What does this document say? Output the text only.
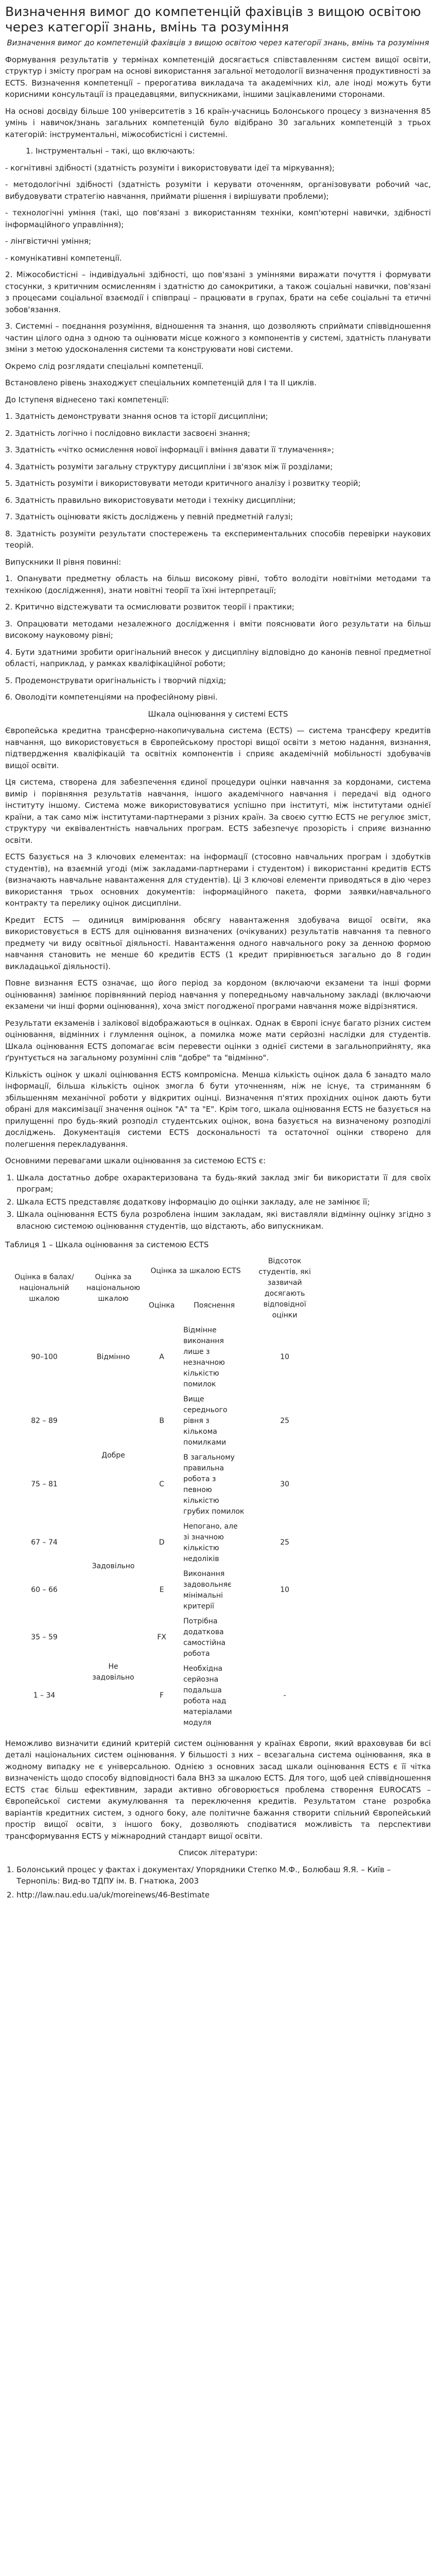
Визначення вимог до компетенцій фахівців з вищою освітою через категорії знань, вмінь та розуміння

Визначення вимог до компетенцій фахівців з вищою освітою через категорії знань, вмінь та розуміння

Формування результатів у термінах компетенцій досягається співставленням систем вищої освіти, структур і змісту програм на основі використання загальної методології визначення продуктивності за ECTS. Визначення компетенції – прерогатива викладача та академічних кіл, але іноді можуть бути корисними консультації із працедавцями, випускниками, іншими зацікавленими сторонами.

На основі досвіду більше 100 університетів з 16 країн-учасниць Болонського процесу з визначення 85 умінь і навичок/знань загальних компетенцій було відібрано 30 загальних компетенцій з трьох категорій: інструментальні, міжособистісні і системні.

1. Інструментальні – такі, що включають:

- когнітивні здібності (здатність розуміти і використовувати ідеї та міркування);

- методологічні здібності (здатність розуміти і керувати оточенням, організовувати робочий час, вибудовувати стратегію навчання, приймати рішення і вирішувати проблеми);

- технологічні уміння (такі, що пов'язані з використанням техніки, комп'ютерні навички, здібності інформаційного управління);

- лінгвістичні уміння;

- комунікативні компетенції.

2. Міжособистісні – індивідуальні здібності, що пов'язані з уміннями виражати почуття і формувати стосунки, з критичним осмисленням і здатністю до самокритики, а також соціальні навички, пов'язані з процесами соціальної взаємодії і співпраці – працювати в групах, брати на себе соціальні та етичні зобов'язання.

3. Системні – поєднання розуміння, відношення та знання, що дозволяють сприймати співвідношення частин цілого одна з одною та оцінювати місце кожного з компонентів у системі, здатність планувати зміни з метою удосконалення системи та конструювати нові системи.

Окремо слід розглядати спеціальні компетенції.

Встановлено рівень знаходжуєт спеціальних компетенцій для І та ІІ циклів.

До Іступеня віднесено такі компетенції:

1. Здатність демонструвати знання основ та історії дисципліни;

2. Здатність логічно і послідовно викласти засвоєні знання;

3. Здатність «чітко осмислення нової інформації і вміння давати її тлумачення»;

4. Здатність розуміти загальну структуру дисципліни і зв'язок між її розділами;

5. Здатність розуміти і використовувати методи критичного аналізу і розвитку теорій;

6. Здатність правильно використовувати методи і техніку дисципліни;

7. Здатність оцінювати якість досліджень у певній предметній галузі;

8. Здатність розуміти результати спостережень та експериментальних способів перевірки наукових теорій.

Випускники ІІ рівня повинні:

1. Опанувати предметну область на більш високому рівні, тобто володіти новітніми методами та технікою (дослідження), знати новітні теорії та їхні інтерпретації;

2. Критично відстежувати та осмислювати розвиток теорії і практики;

3. Опрацювати методами незалежного дослідження і вміти пояснювати його результати на більш високому науковому рівні;

4. Бути здатними зробити оригінальний внесок у дисципліну відповідно до канонів певної предметної області, наприклад, у рамках кваліфікаційної роботи;

5. Продемонструвати оригінальність і творчий підхід;

6. Оволодіти компетенціями на професійному рівні.

Шкала оцінювання у системі ECTS

Європейська кредитна трансферно-накопичувальна система (ECTS) — система трансферу кредитів навчання, що використовується в Європейському просторі вищої освіти з метою надання, визнання, підтвердження кваліфікацій та освітніх компонентів і сприяє академічній мобільності здобувачів вищої освіти.

Ця система, створена для забезпечення єдиної процедури оцінки навчання за кордонами, система вимір і порівняння результатів навчання, іншого академічного навчання і передачі від одного інституту іншому. Система може використовуватися успішно при інституті, між інститутами однієї країни, а так само між інститутами-партнерами з різних країн. За своєю суттю ECTS не регулює зміст, структуру чи еквівалентність навчальних програм. ECTS забезпечує прозорість і сприяє визнанню освіти.

ECTS базується на 3 ключових елементах: на інформації (стосовно навчальних програм і здобутків студентів), на взаємній угоді (між закладами-партнерами і студентом) і використанні кредитів ECTS (визначають навчальне навантаження для студентів). Ці 3 ключові елементи приводяться в дію через використання трьох основних документів: інформаційного пакета, форми заявки/навчального контракту та перелику оцінок дисципліни.

Кредит ECTS — одиниця вимірювання обсягу навантаження здобувача вищої освіти, яка використовується в ECTS для оцінювання визначених (очікуваних) результатів навчання та певного предмету чи виду освітньої діяльності. Навантаження одного навчального року за денною формою навчання становить не менше 60 кредитів ECTS (1 кредит прирівнюється загально до 8 годин викладацької діяльності).

Повне визнання ECTS означає, що його період за кордоном (включаючи екзамени та інші форми оцінювання) замінює порівнянний період навчання у попередньому навчальному закладі (включаючи екзамени чи інші форми оцінювання), хоча зміст погодженої програми навчання може відрізнятися.

Результати екзаменів і залікової відображаються в оцінках. Однак в Європі існує багато різних систем оцінювання, відмінних і глумлення оцінок, а помилка може мати серйозні наслідки для студентів. Шкала оцінювання ECTS допомагає всім перевести оцінки з однієї системи в загальноприйняту, яка ґрунтується на загальному розумінні слів "добре" та "відмінно".

Кількість оцінок у шкалі оцінювання ECTS компромісна. Менша кількість оцінок дала б занадто мало інформації, більша кількість оцінок змогла б бути уточненням, ніж не існує, та стриманням б збільшенням механічної роботи у відкритих оцінці. Визначення п'ятих прохідних оцінок дають бути обрані для максимізації значення оцінок "А" та "Е". Крім того, шкала оцінювання ECTS не базується на прилущенні про будь-який розподіл студентських оцінок, вона базується на визначеному розподілі досліджень. Документація системи ECTS доскональності та остаточної оцінки створено для полегшення перекладування.

Основними перевагами шкали оцінювання за системою ECTS є:

1. Шкала достатньо добре охарактеризована та будь-який заклад зміг би використати її для своїх програм;
2. Шкала ECTS представляє додаткову інформацію до оцінки закладу, але не замінює її;
3. Шкала оцінювання ECTS була розроблена іншим закладам, які виставляли відмінну оцінку згідно з власною системою оцінювання студентів, що відстають, або випускникам.

Таблиця 1 – Шкала оцінювання за системою ECTS

Оцінка в балах/національній шкалою	Оцінка за національною шкалою	Оцінка за шкалою ECTS		Відсоток студентів, які зазвичай досягають відповідної оцінки
		Оцінка	Пояснення	
90–100	Відмінно	A	Відмінне виконання лише з незначною кількістю помилок	10
82 – 89	Добре	B	Вище середнього рівня з кількома помилками	25
75 – 81		C	В загальному правильна робота з певною кількістю грубих помилок	30
67 – 74	Задовільно	D	Непогано, але зі значною кількістю недоліків	25
60 – 66		E	Виконання задовольняє мінімальні критерії	10
35 – 59	Не задовільно	FX	Потрібна додаткова самостійна робота	
1 – 34		F	Необхідна серйозна подальша робота над матеріалами модуля	-

Неможливо визначити єдиний критерій систем оцінювання у країнах Європи, який враховував би всі деталі національних систем оцінювання. У більшості з них – всезагальна система оцінювання, яка в жодному випадку не є універсальною. Однією з основних засад шкали оцінювання ECTS є її чітка визначеність щодо способу відповідності бала ВНЗ за шкалою ECTS. Для того, щоб цей співвідношення ECTS стає більш ефективним, заради активно обговорюється проблема створення EUROCATS – Європейської системи акумулювання та переключення кредитів. Результатом стане розробка варіантів кредитних систем, з одного боку, але політичне бажання створити спільний Європейський простір вищої освіти, з іншого боку, дозволяють сподіватися можливість та перспективи трансформування ECTS у міжнародний стандарт вищої освіти.

Список літератури:

1. Болонський процес у фактах і документах/ Упорядники Степко М.Ф., Болюбаш Я.Я. – Київ – Тернопіль: Вид-во ТДПУ ім. В. Гнатюка, 2003
2. http://law.nau.edu.ua/uk/moreinews/46-Bestimate
